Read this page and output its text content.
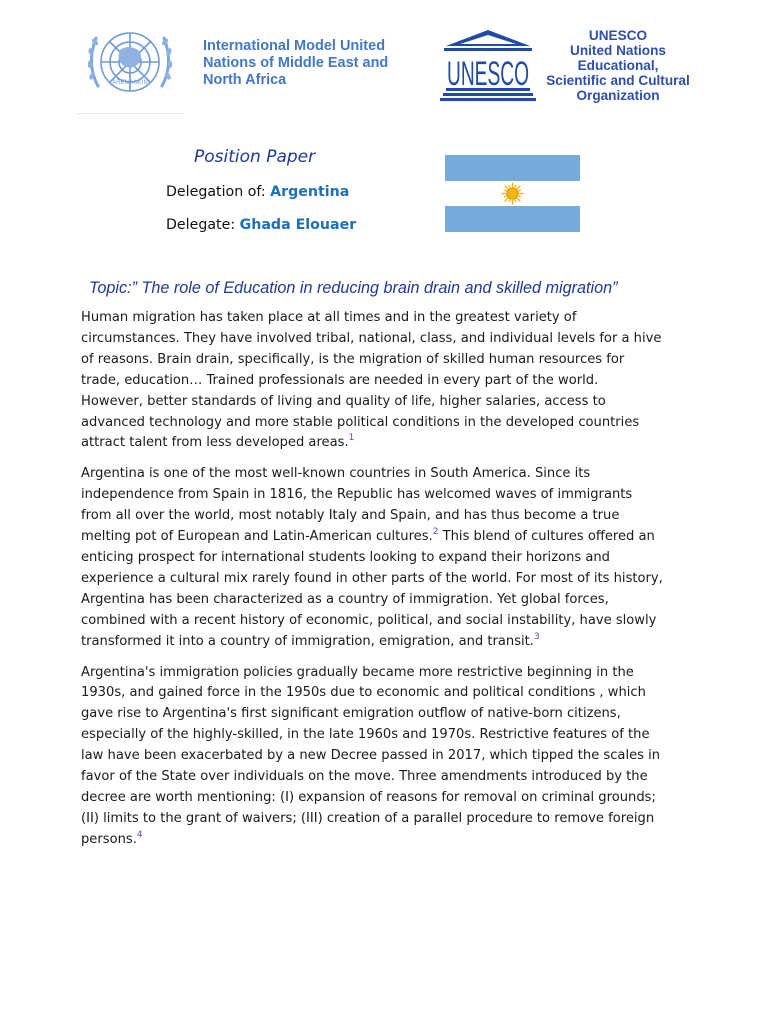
ARENA MUN
International Model United
Nations of Middle East and
North Africa	UNESCO
UNESCO
United Nations
Educational,
Scientific and Cultural
Organization
Position Paper
Delegation of: Argentina
Delegate: Ghada Elouaer
Topic:” The role of Education in reducing brain drain and skilled migration”

Human migration has taken place at all times and in the greatest variety of
circumstances. They have involved tribal, national, class, and individual levels for a hive
of reasons. Brain drain, specifically, is the migration of skilled human resources for
trade, education… Trained professionals are needed in every part of the world.
However, better standards of living and quality of life, higher salaries, access to
advanced technology and more stable political conditions in the developed countries
attract talent from less developed areas.$^1$

Argentina is one of the most well-known countries in South America. Since its
independence from Spain in 1816, the Republic has welcomed waves of immigrants
from all over the world, most notably Italy and Spain, and has thus become a true
melting pot of European and Latin-American cultures.$^2$ This blend of cultures offered an
enticing prospect for international students looking to expand their horizons and
experience a cultural mix rarely found in other parts of the world. For most of its history,
Argentina has been characterized as a country of immigration. Yet global forces,
combined with a recent history of economic, political, and social instability, have slowly
transformed it into a country of immigration, emigration, and transit.$^3$

Argentina's immigration policies gradually became more restrictive beginning in the
1930s, and gained force in the 1950s due to economic and political conditions , which
gave rise to Argentina's first significant emigration outflow of native-born citizens,
especially of the highly-skilled, in the late 1960s and 1970s. Restrictive features of the
law have been exacerbated by a new Decree passed in 2017, which tipped the scales in
favor of the State over individuals on the move. Three amendments introduced by the
decree are worth mentioning: (I) expansion of reasons for removal on criminal grounds;
(II) limits to the grant of waivers; (III) creation of a parallel procedure to remove foreign
persons.$^4$
